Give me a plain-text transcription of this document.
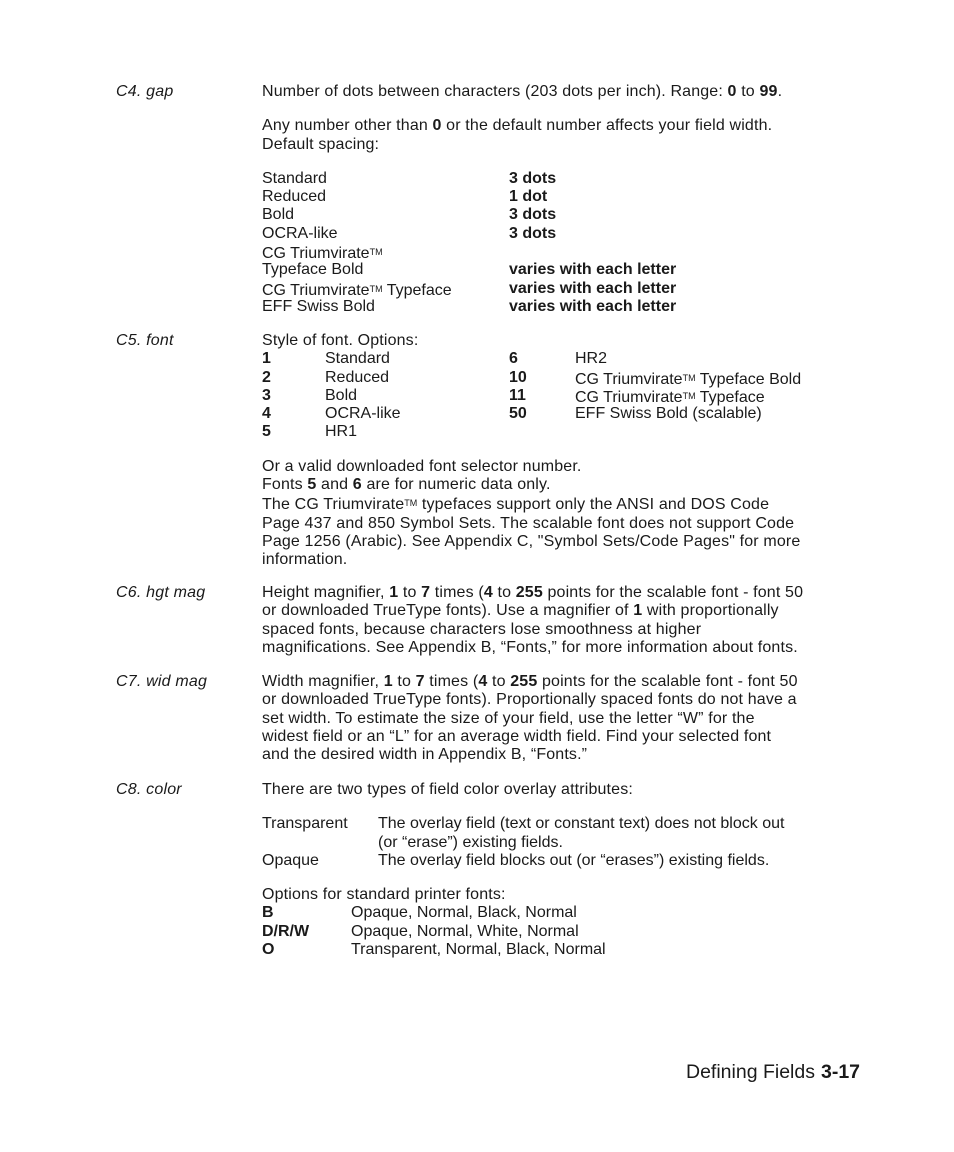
C4. gap	Number of dots between characters (203 dots per inch). Range: 0 to 99.
Any number other than 0 or the default number affects your field width.
Default spacing:
Standard	3 dots
Reduced	1 dot
Bold	3 dots
OCRA-like	3 dots
CG TriumvirateTM
Typeface Bold	varies with each letter
CG TriumvirateTM Typeface	varies with each letter
EFF Swiss Bold	varies with each letter
C5. font	Style of font. Options:
1	Standard	6	HR2
2	Reduced	10	CG TriumvirateTM Typeface Bold
3	Bold	11	CG TriumvirateTM Typeface
4	OCRA-like	50	EFF Swiss Bold (scalable)
5	HR1
Or a valid downloaded font selector number.
Fonts 5 and 6 are for numeric data only.
The CG TriumvirateTM typefaces support only the ANSI and DOS Code
Page 437 and 850 Symbol Sets. The scalable font does not support Code
Page 1256 (Arabic). See Appendix C, "Symbol Sets/Code Pages" for more
information.
C6. hgt mag	Height magnifier, 1 to 7 times (4 to 255 points for the scalable font - font 50
or downloaded TrueType fonts). Use a magnifier of 1 with proportionally
spaced fonts, because characters lose smoothness at higher
magnifications. See Appendix B, “Fonts,” for more information about fonts.
C7. wid mag	Width magnifier, 1 to 7 times (4 to 255 points for the scalable font - font 50
or downloaded TrueType fonts). Proportionally spaced fonts do not have a
set width. To estimate the size of your field, use the letter “W” for the
widest field or an “L” for an average width field. Find your selected font
and the desired width in Appendix B, “Fonts.”
C8. color	There are two types of field color overlay attributes:
Transparent The overlay field (text or constant text) does not block out
(or “erase”) existing fields.
Opaque	The overlay field blocks out (or “erases”) existing fields.
Options for standard printer fonts:
B	Opaque, Normal, Black, Normal
D/R/W	Opaque, Normal, White, Normal
O	Transparent, Normal, Black, Normal
Defining Fields 3-17
